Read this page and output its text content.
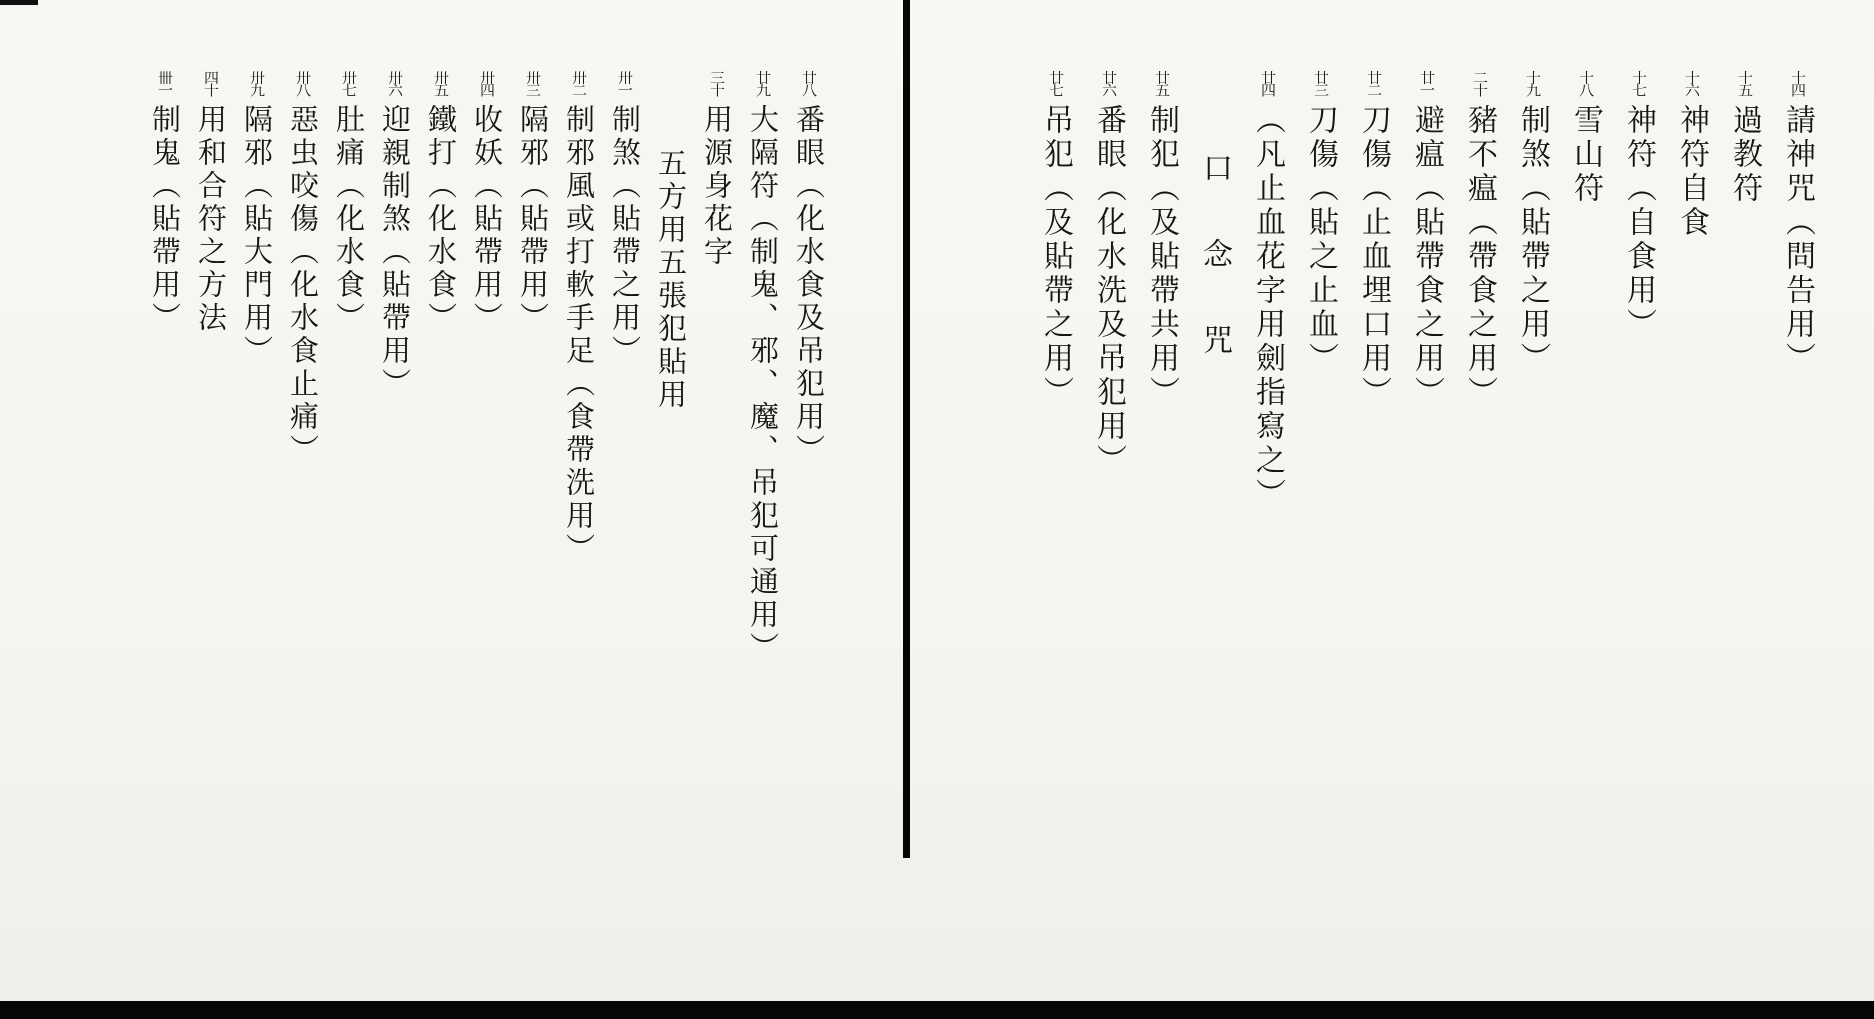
十四請神咒（問告用）
十五過教符
十六神符自食
十七神符（自食用）
十八雪山符
十九制煞（貼帶之用）
二十豬不瘟（帶食之用）
廿一避瘟（貼帶食之用）
廿二刀傷（止血埋口用）
廿三刀傷（貼之止血）
廿四（凡止血花字用劍指寫之）
口念咒
廿五制犯（及貼帶共用）
廿六番眼（化水洗及吊犯用）
廿七吊犯（及貼帶之用）
廿八番眼（化水食及吊犯用）
廿九大隔符（制鬼、邪、魔、吊犯可通用）
三十用源身花字
五方用五張犯貼用
卅一制煞（貼帶之用）
卅二制邪風或打軟手足（食帶洗用）
卅三隔邪（貼帶用）
卅四收妖（貼帶用）
卅五鐵打（化水食）
卅六迎親制煞（貼帶用）
卅七肚痛（化水食）
卅八惡虫咬傷（化水食止痛）
卅九隔邪（貼大門用）
四十用和合符之方法
卌一制鬼（貼帶用）
